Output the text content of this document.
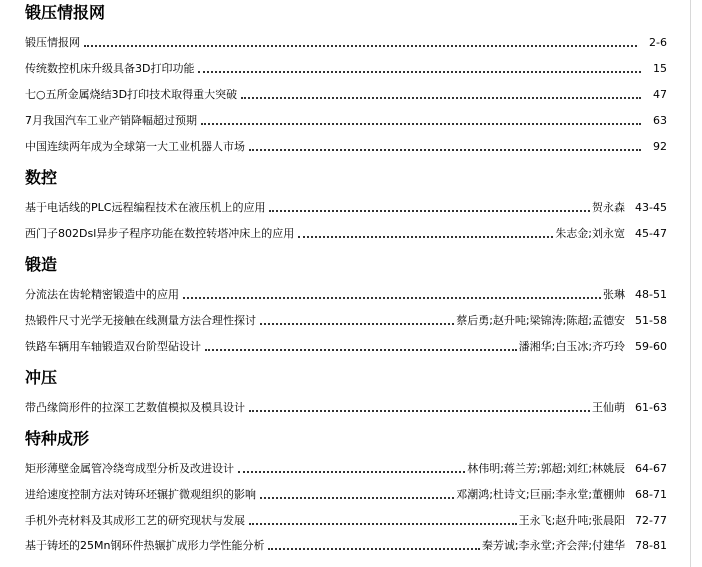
锻压情报网
锻压情报网	2-6
传统数控机床升级具备3D打印功能	15
七○五所金属烧结3D打印技术取得重大突破	47
7月我国汽车工业产销降幅超过预期	63
中国连续两年成为全球第一大工业机器人市场	92
数控
基于电话线的PLC远程编程技术在液压机上的应用	贺永森 43-45
西门子802Dsl异步子程序功能在数控转塔冲床上的应用	朱志金;刘永宽 45-47
锻造
分流法在齿轮精密锻造中的应用	张琳 48-51
热锻件尺寸光学无接触在线测量方法合理性探讨	蔡后勇;赵升吨;梁锦涛;陈超;孟德安 51-58
铁路车辆用车轴锻造双台阶型砧设计	潘湘华;白玉冰;齐巧玲 59-60
冲压
带凸缘筒形件的拉深工艺数值模拟及模具设计	王仙萌 61-63
特种成形
矩形薄壁金属管冷绕弯成型分析及改进设计	林伟明;蒋兰芳;郭超;刘红;林姚辰 64-67
进给速度控制方法对铸环坯辗扩微观组织的影响	邓潮鸿;杜诗文;巨丽;李永堂;董棚帅 68-71
手机外壳材料及其成形工艺的研究现状与发展	王永飞;赵升吨;张晨阳 72-77
基于铸坯的25Mn钢环件热辗扩成形力学性能分析	秦芳诚;李永堂;齐会萍;付建华 78-81
